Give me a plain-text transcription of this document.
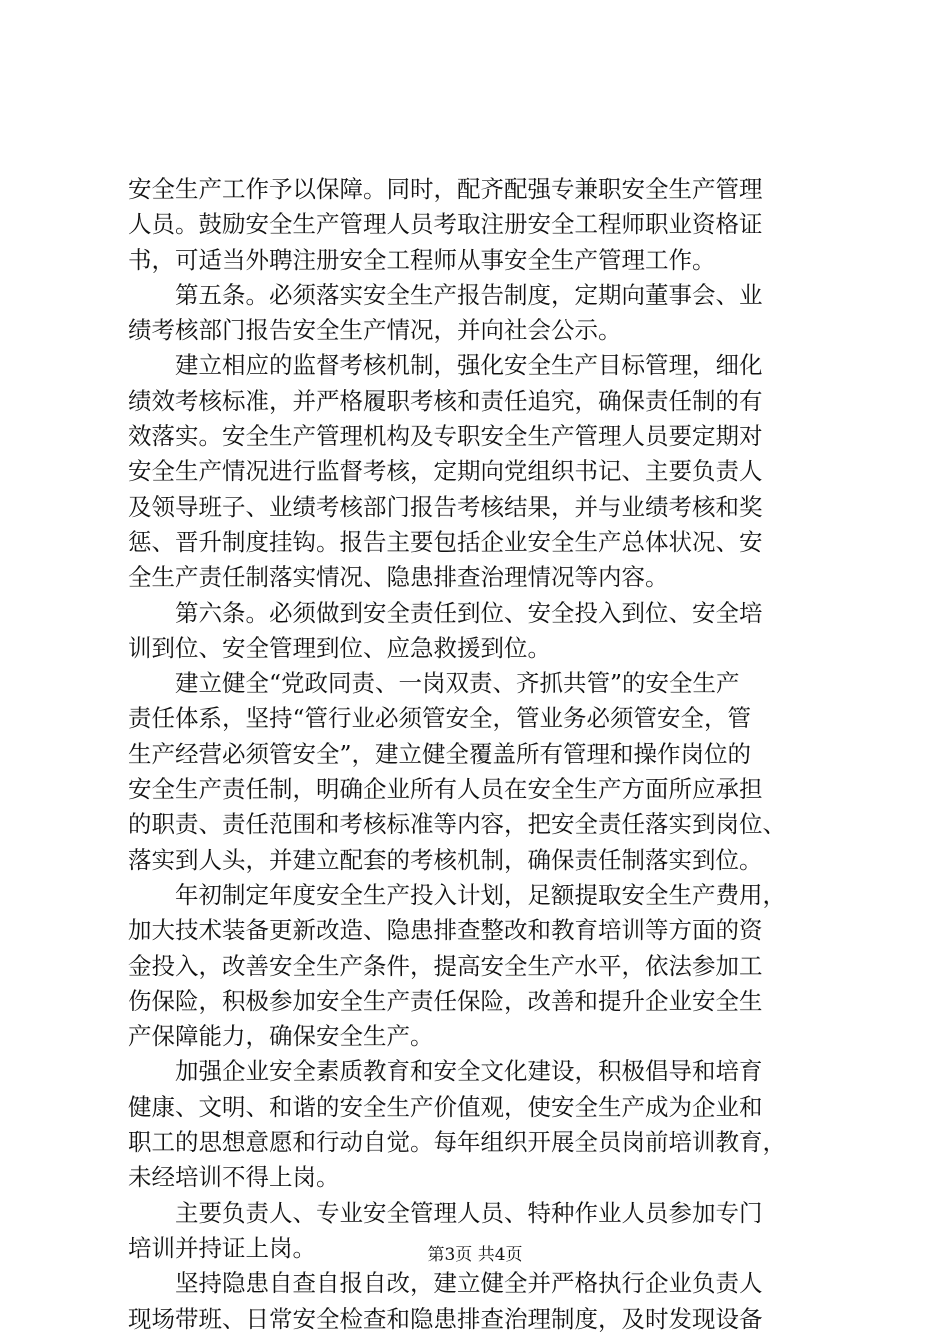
安全生产工作予以保障。同时，配齐配强专兼职安全生产管理
人员。鼓励安全生产管理人员考取注册安全工程师职业资格证
书，可适当外聘注册安全工程师从事安全生产管理工作。
　　第五条。必须落实安全生产报告制度，定期向董事会、业
绩考核部门报告安全生产情况，并向社会公示。
　　建立相应的监督考核机制，强化安全生产目标管理，细化
绩效考核标准，并严格履职考核和责任追究，确保责任制的有
效落实。安全生产管理机构及专职安全生产管理人员要定期对
安全生产情况进行监督考核，定期向党组织书记、主要负责人
及领导班子、业绩考核部门报告考核结果，并与业绩考核和奖
惩、晋升制度挂钩。报告主要包括企业安全生产总体状况、安
全生产责任制落实情况、隐患排查治理情况等内容。
　　第六条。必须做到安全责任到位、安全投入到位、安全培
训到位、安全管理到位、应急救援到位。
　　建立健全“党政同责、一岗双责、齐抓共管”的安全生产
责任体系，坚持“管行业必须管安全，管业务必须管安全，管
生产经营必须管安全”，建立健全覆盖所有管理和操作岗位的
安全生产责任制，明确企业所有人员在安全生产方面所应承担
的职责、责任范围和考核标准等内容，把安全责任落实到岗位、
落实到人头，并建立配套的考核机制，确保责任制落实到位。
　　年初制定年度安全生产投入计划，足额提取安全生产费用，
加大技术装备更新改造、隐患排查整改和教育培训等方面的资
金投入，改善安全生产条件，提高安全生产水平，依法参加工
伤保险，积极参加安全生产责任保险，改善和提升企业安全生
产保障能力，确保安全生产。
　　加强企业安全素质教育和安全文化建设，积极倡导和培育
健康、文明、和谐的安全生产价值观，使安全生产成为企业和
职工的思想意愿和行动自觉。每年组织开展全员岗前培训教育，
未经培训不得上岗。
　　主要负责人、专业安全管理人员、特种作业人员参加专门
培训并持证上岗。
　　坚持隐患自查自报自改，建立健全并严格执行企业负责人
现场带班、日常安全检查和隐患排查治理制度，及时发现设备
第3页 共4页
